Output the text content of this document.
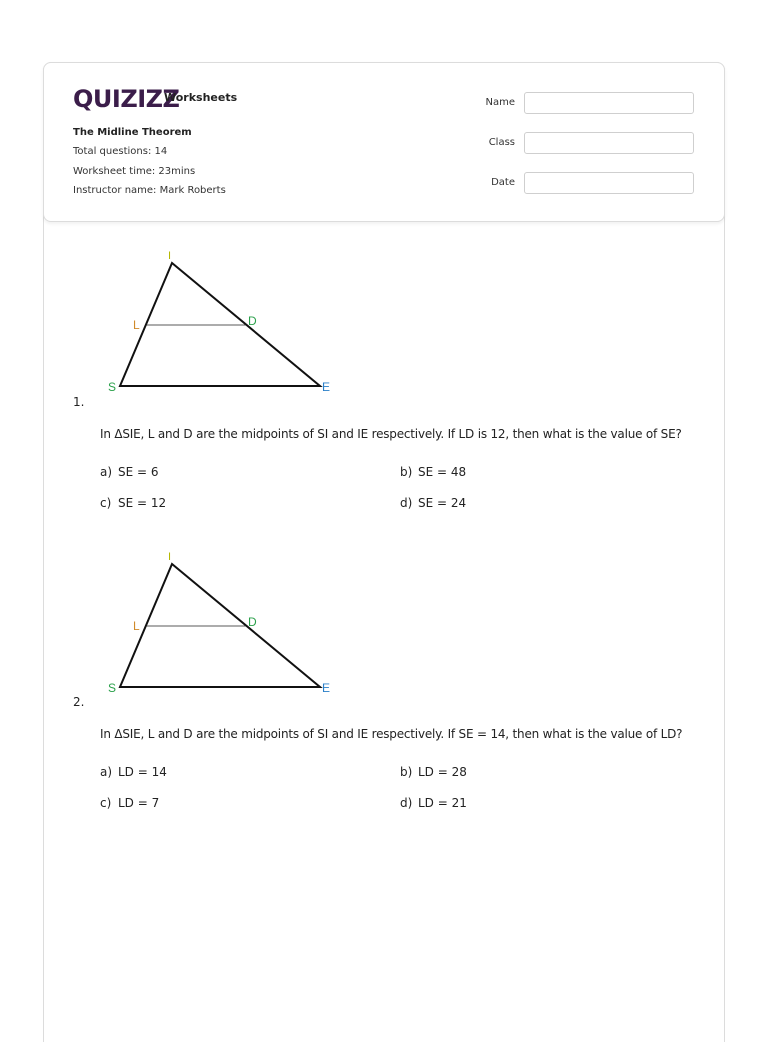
QUIZIZZ
Worksheets
The Midline Theorem
Total questions: 14
Worksheet time: 23mins
Instructor name: Mark Roberts
Name
Class
Date
I
L	D
S	E
1.
In ΔSIE, L and D are the midpoints of SI and IE respectively. If LD is 12, then what is the value of SE?
a) SE = 6	b) SE = 48
c) SE = 12	d) SE = 24
I
L	D
S	E
2.
In ΔSIE, L and D are the midpoints of SI and IE respectively. If SE = 14, then what is the value of LD?
a) LD = 14	b) LD = 28
c) LD = 7	d) LD = 21
